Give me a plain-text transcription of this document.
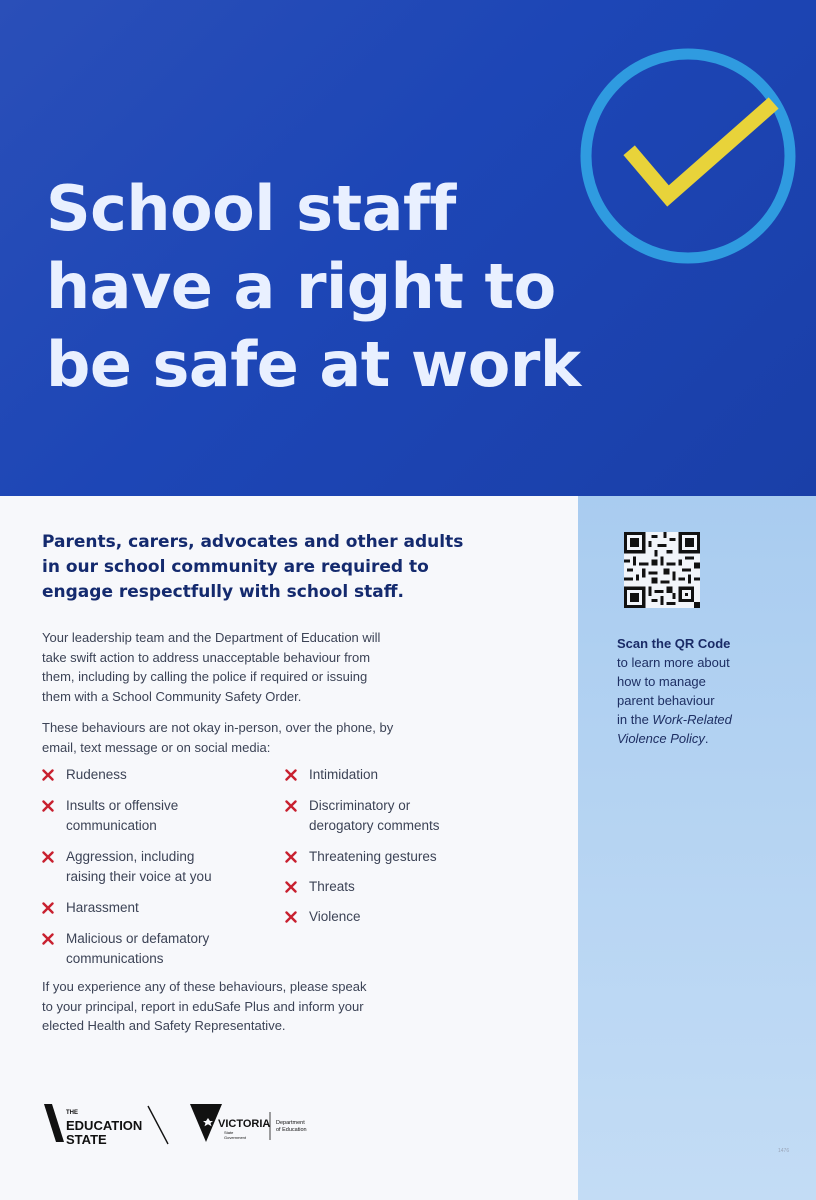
School staff
have a right to
be safe at work
Parents, carers, advocates and other adults
in our school community are required to
engage respectfully with school staff.

Your leadership team and the Department of Education will
take swift action to address unacceptable behaviour from
them, including by calling the police if required or issuing
them with a School Community Safety Order.

These behaviours are not okay in-person, over the phone, by
email, text message or on social media:

Rudeness
Insults or offensive
communication
Aggression, including
raising their voice at you
Harassment
Malicious or defamatory
communications
Intimidation
Discriminatory or
derogatory comments
Threatening gestures
Threats
Violence

If you experience any of these behaviours, please speak
to your principal, report in eduSafe Plus and inform your
elected Health and Safety Representative.

Scan the QR Code
to learn more about
how to manage
parent behaviour
in the Work-Related
Violence Policy.

THE
EDUCATION
STATE
VICTORIA
State
Government
Department
of Education
1476
